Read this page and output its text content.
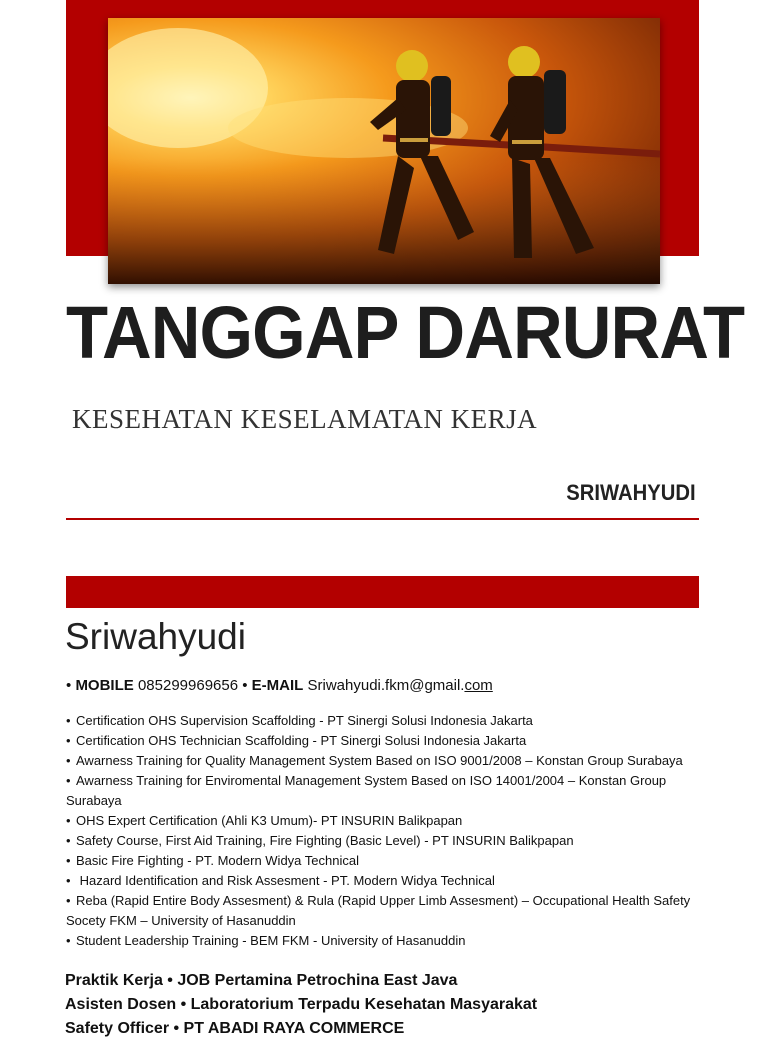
TANGGAP DARURAT
KESEHATAN KESELAMATAN KERJA
SRIWAHYUDI
Sriwahyudi
• MOBILE 085299969656 • E-MAIL Sriwahyudi.fkm@gmail.com
• Certification OHS Supervision Scaffolding - PT Sinergi Solusi Indonesia Jakarta
• Certification OHS Technician Scaffolding - PT Sinergi Solusi Indonesia Jakarta
• Awarness Training for Quality Management System Based on ISO 9001/2008 – Konstan Group Surabaya
• Awarness Training for Enviromental Management System Based on ISO 14001/2004 – Konstan Group Surabaya
• OHS Expert Certification (Ahli K3 Umum)- PT INSURIN Balikpapan
• Safety Course, First Aid Training, Fire Fighting (Basic Level) - PT INSURIN Balikpapan
• Basic Fire Fighting - PT. Modern Widya Technical
• Hazard Identification and Risk Assesment - PT. Modern Widya Technical
• Reba (Rapid Entire Body Assesment) & Rula (Rapid Upper Limb Assesment) – Occupational Health Safety Socety FKM – University of Hasanuddin
• Student Leadership Training - BEM FKM - University of Hasanuddin
Praktik Kerja • JOB Pertamina Petrochina East Java
Asisten Dosen • Laboratorium Terpadu Kesehatan Masyarakat
Safety Officer • PT ABADI RAYA COMMERCE
